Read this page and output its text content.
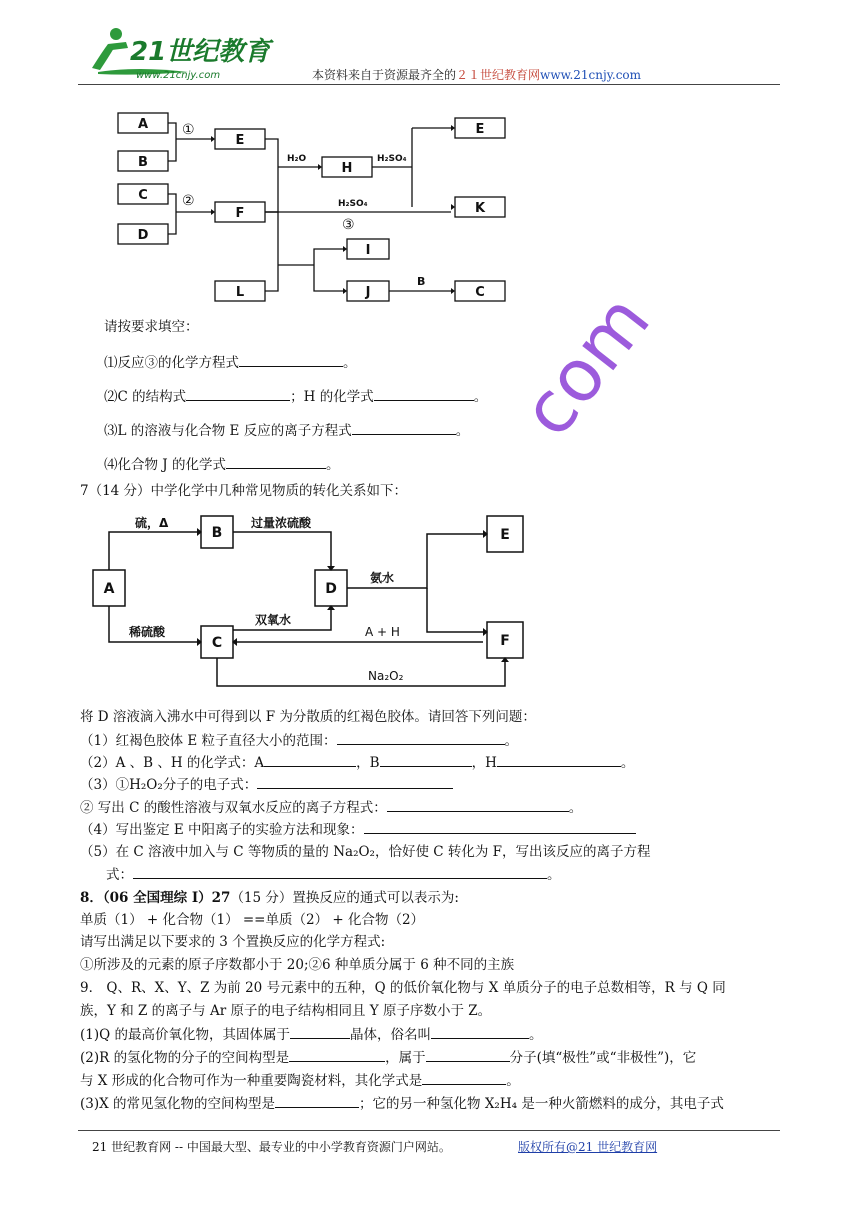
21世纪教育
www.21cnjy.com	本资料来自于资源最齐全的２１世纪教育网www.21cnjy.com
A
B
E
C
D
F
H
E
K
I
L	J	C
①
②
③
H₂O	H₂SO₄
H₂SO₄
B
请按要求填空：
⑴反应③的化学方程式	。
⑵C 的结构式	；H 的化学式	。
⑶L 的溶液与化合物 E 反应的离子方程式	。
⑷化合物 J 的化学式	。
7（14 分）中学化学中几种常见物质的转化关系如下：
A
B
C
D
E
F
硫，Δ	过量浓硫酸
稀硫酸
双氧水
氨水
A + H
Na₂O₂
将 D 溶液滴入沸水中可得到以 F 为分散质的红褐色胶体。请回答下列问题：
（1）红褐色胶体 E 粒子直径大小的范围：	。
（2）A 、B 、H 的化学式：A	，B	，H	。
（3）①H₂O₂分子的电子式：
② 写出 C 的酸性溶液与双氧水反应的离子方程式：	。
（4）写出鉴定 E 中阳离子的实验方法和现象：
（5）在 C 溶液中加入与 C 等物质的量的 Na₂O₂，恰好使 C 转化为 F，写出该反应的离子方程
式：	。
8．（06 全国理综 I）27（15 分）置换反应的通式可以表示为:
单质（1） + 化合物（1） ==单质（2） + 化合物（2）
请写出满足以下要求的 3 个置换反应的化学方程式:
①所涉及的元素的原子序数都小于 20;②6 种单质分属于 6 种不同的主族
9． Q、R、X、Y、Z 为前 20 号元素中的五种，Q 的低价氧化物与 X 单质分子的电子总数相等，R 与 Q 同
族，Y 和 Z 的离子与 Ar 原子的电子结构相同且 Y 原子序数小于 Z。
(1)Q 的最高价氧化物，其固体属于	晶体，俗名叫	。
(2)R 的氢化物的分子的空间构型是	，属于	分子(填“极性”或“非极性”)，它
与 X 形成的化合物可作为一种重要陶瓷材料，其化学式是	。
(3)X 的常见氢化物的空间构型是	；它的另一种氢化物 X₂H₄ 是一种火箭燃料的成分，其电子式
com
21 世纪教育网 -- 中国最大型、最专业的中小学教育资源门户网站。	版权所有@21 世纪教育网
